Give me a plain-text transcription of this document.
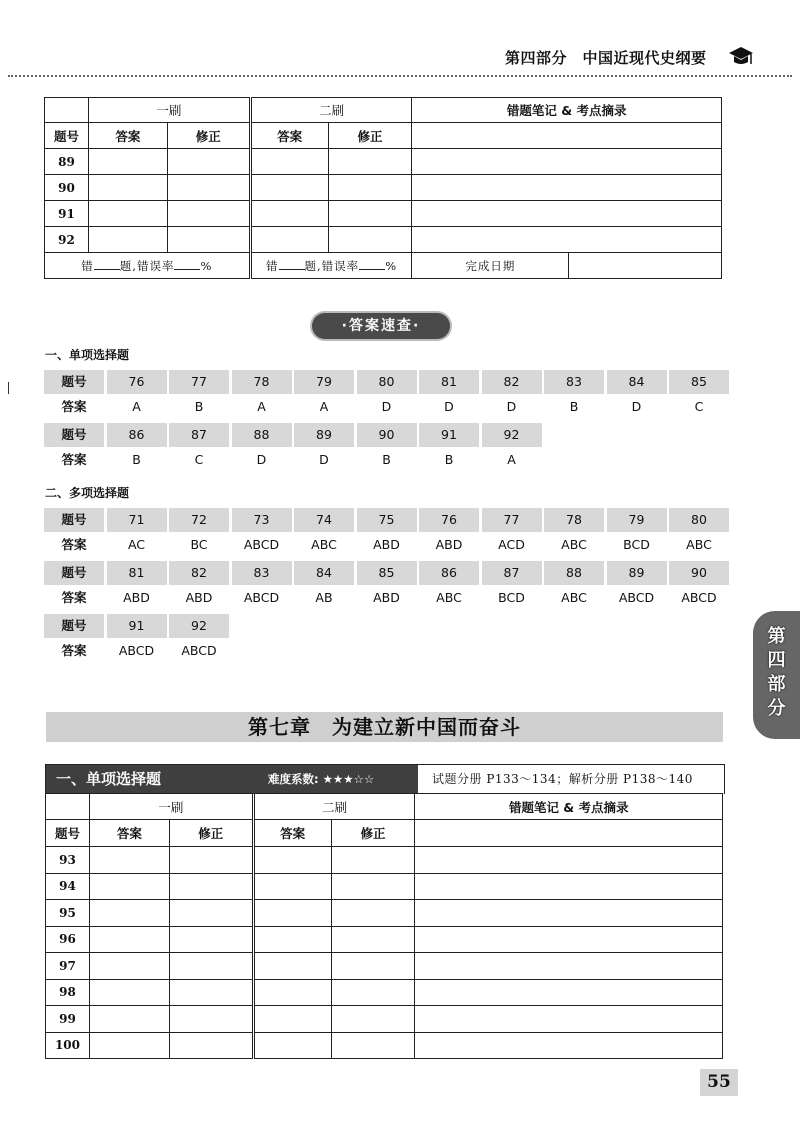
第四部分　中国近现代史纲要
	一刷		二刷		错题笔记 & 考点摘录	
题号	答案	修正	答案	修正		
89						
90						
91						
92						
错 题,错误率 %			错 题,错误率 %		完成日期	
·答案速查·
一、单项选择题
题号	76	77	78	79	80	81	82	83	84	85
答案	A	B	A	A	D	D	D	B	D	C
题号	86	87	88	89	90	91	92
答案	B	C	D	D	B	B	A
二、多项选择题
题号	71	72	73	74	75	76	77	78	79	80
答案	AC	BC	ABCD	ABC	ABD	ABD	ACD	ABC	BCD	ABC
题号	81	82	83	84	85	86	87	88	89	90
答案	ABD	ABD	ABCD	AB	ABD	ABC	BCD	ABC	ABCD	ABCD
题号	91	92
答案	ABCD	ABCD
第
四
部
分
第七章　为建立新中国而奋斗
一、单项选择题	难度系数: ★★★☆☆	试题分册 P133～134；解析分册 P138～140
	一刷		二刷		错题笔记 & 考点摘录
题号	答案	修正	答案	修正	
93					
94					
95					
96					
97					
98					
99					
100					
55
